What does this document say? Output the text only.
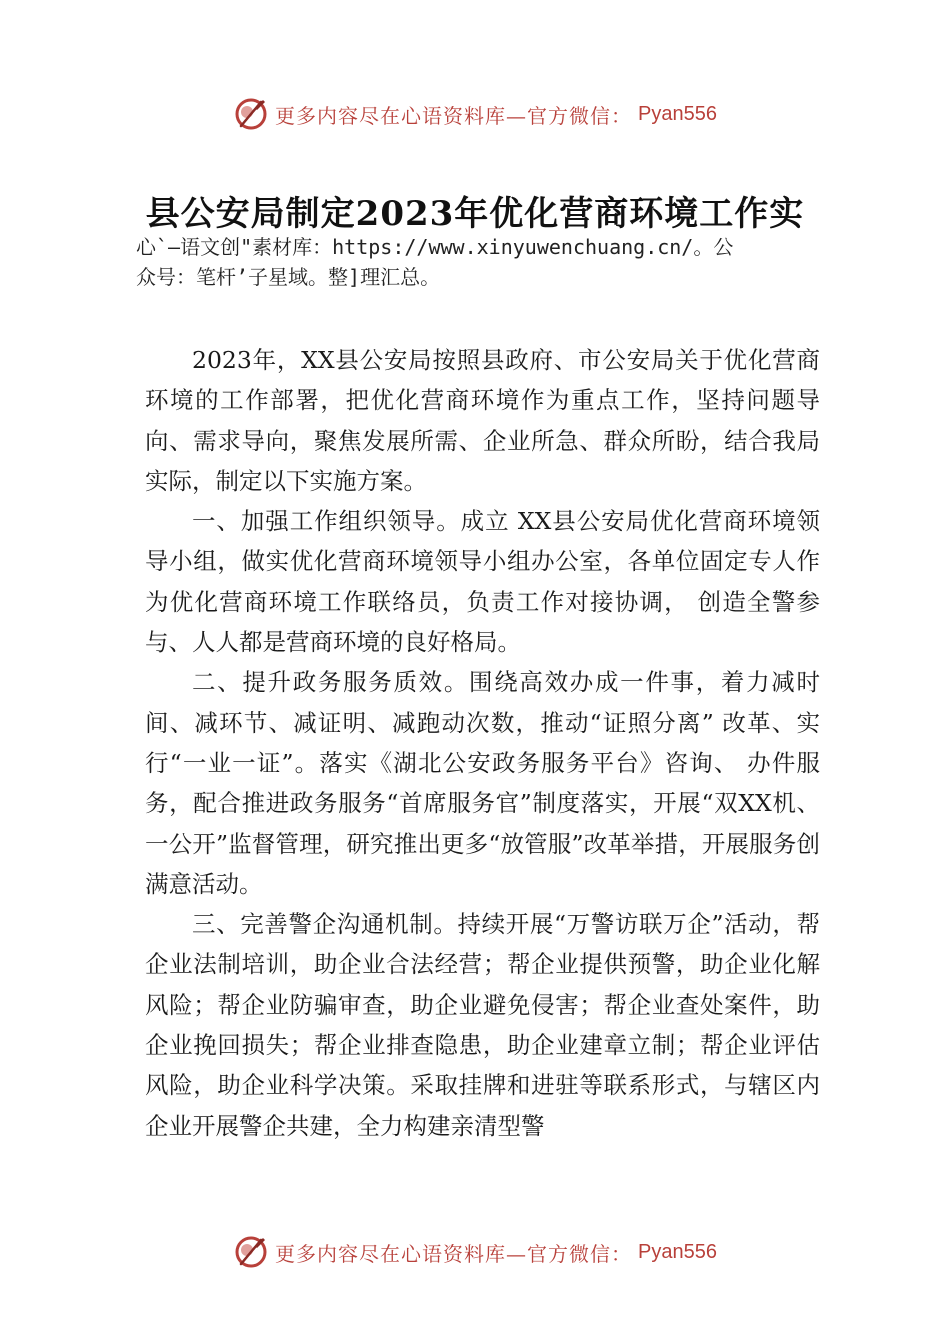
更多内容尽在心语资料库—官方微信： Pyan556
县公安局制定2023年优化营商环境工作实
心`—语文创"素材库：https://www.xinyuwenchuang.cn/。公
众号：笔杆’子星域。整]理汇总。

2023年，XX县公安局按照县政府、市公安局关于优化营商环境的工作部署，把优化营商环境作为重点工作，坚持问题导向、需求导向，聚焦发展所需、企业所急、群众所盼，结合我局实际，制定以下实施方案。

一、加强工作组织领导。成立 XX县公安局优化营商环境领导小组，做实优化营商环境领导小组办公室，各单位固定专人作为优化营商环境工作联络员，负责工作对接协调， 创造全警参与、人人都是营商环境的良好格局。

二、提升政务服务质效。围绕高效办成一件事，着力减时间、减环节、减证明、减跑动次数，推动“证照分离” 改革、实行“一业一证”。落实《湖北公安政务服务平台》咨询、 办件服务，配合推进政务服务“首席服务官”制度落实，开展“双XX机、一公开”监督管理，研究推出更多“放管服”改革举措，开展服务创满意活动。

三、完善警企沟通机制。持续开展“万警访联万企”活动，帮企业法制培训，助企业合法经营；帮企业提供预警，助企业化解风险；帮企业防骗审查，助企业避免侵害；帮企业查处案件，助企业挽回损失；帮企业排查隐患，助企业建章立制；帮企业评估风险，助企业科学决策。采取挂牌和进驻等联系形式，与辖区内企业开展警企共建，全力构建亲清型警

更多内容尽在心语资料库—官方微信： Pyan556
